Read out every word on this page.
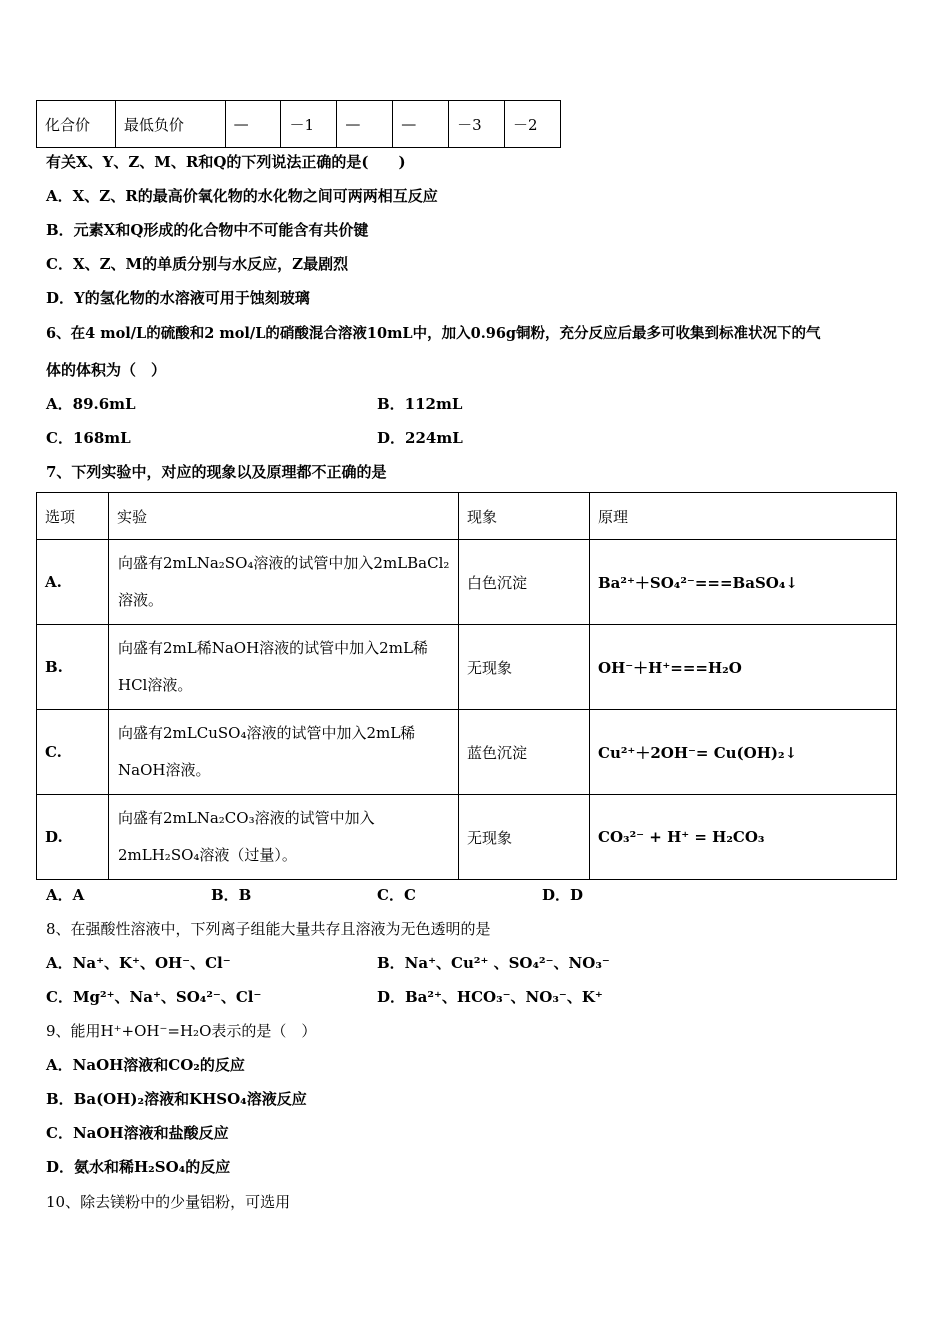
化合价	最低负价	—	－1	—	—	－3	－2
有关X、Y、Z、M、R和Q的下列说法正确的是(　　)
A．X、Z、R的最高价氧化物的水化物之间可两两相互反应
B．元素X和Q形成的化合物中不可能含有共价键
C．X、Z、M的单质分别与水反应，Z最剧烈
D．Y的氢化物的水溶液可用于蚀刻玻璃
6、在4 mol/L的硫酸和2 mol/L的硝酸混合溶液10mL中，加入0.96g铜粉，充分反应后最多可收集到标准状况下的气
体的体积为（　）
A．89.6mL	B．112mL
C．168mL	D．224mL
7、下列实验中，对应的现象以及原理都不正确的是
选项	实验	现象	原理
A.	向盛有2mLNa₂SO₄溶液的试管中加入2mLBaCl₂
溶液。	白色沉淀	Ba²⁺＋SO₄²⁻===BaSO₄↓
B.	向盛有2mL稀NaOH溶液的试管中加入2mL稀
HCl溶液。	无现象	OH⁻＋H⁺===H₂O
C.	向盛有2mLCuSO₄溶液的试管中加入2mL稀
NaOH溶液。	蓝色沉淀	Cu²⁺＋2OH⁻= Cu(OH)₂↓
D.	向盛有2mLNa₂CO₃溶液的试管中加入
2mLH₂SO₄溶液（过量）。	无现象	CO₃²⁻ + H⁺ = H₂CO₃
A．A	B．B	C．C	D．D
8、在强酸性溶液中，下列离子组能大量共存且溶液为无色透明的是
A．Na⁺、K⁺、OH⁻、Cl⁻	B．Na⁺、Cu²⁺ 、SO₄²⁻、NO₃⁻
C．Mg²⁺、Na⁺、SO₄²⁻、Cl⁻	D．Ba²⁺、HCO₃⁻、NO₃⁻、K⁺
9、能用H⁺+OH⁻=H₂O表示的是（　）
A．NaOH溶液和CO₂的反应
B．Ba(OH)₂溶液和KHSO₄溶液反应
C．NaOH溶液和盐酸反应
D．氨水和稀H₂SO₄的反应
10、除去镁粉中的少量铝粉，可选用
